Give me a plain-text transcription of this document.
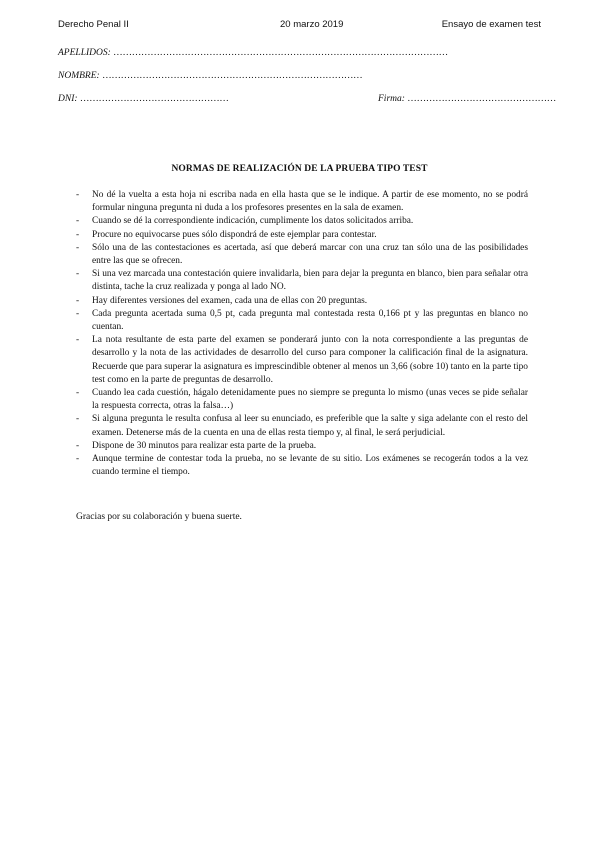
Derecho Penal II	20 marzo 2019	Ensayo de examen test
APELLIDOS: ………………………………………………………………………………………………
NOMBRE: …………………………………………………………………………
DNI: …………………………………………	Firma: …………………………………………
NORMAS DE REALIZACIÓN DE LA PRUEBA TIPO TEST
- No dé la vuelta a esta hoja ni escriba nada en ella hasta que se le indique. A partir de ese momento, no se podrá formular ninguna pregunta ni duda a los profesores presentes en la sala de examen.
- Cuando se dé la correspondiente indicación, cumplimente los datos solicitados arriba.
- Procure no equivocarse pues sólo dispondrá de este ejemplar para contestar.
- Sólo una de las contestaciones es acertada, así que deberá marcar con una cruz tan sólo una de las posibilidades entre las que se ofrecen.
- Si una vez marcada una contestación quiere invalidarla, bien para dejar la pregunta en blanco, bien para señalar otra distinta, tache la cruz realizada y ponga al lado NO.
- Hay diferentes versiones del examen, cada una de ellas con 20 preguntas.
- Cada pregunta acertada suma 0,5 pt, cada pregunta mal contestada resta 0,166 pt y las preguntas en blanco no cuentan.
- La nota resultante de esta parte del examen se ponderará junto con la nota correspondiente a las preguntas de desarrollo y la nota de las actividades de desarrollo del curso para componer la calificación final de la asignatura. Recuerde que para superar la asignatura es imprescindible obtener al menos un 3,66 (sobre 10) tanto en la parte tipo test como en la parte de preguntas de desarrollo.
- Cuando lea cada cuestión, hágalo detenidamente pues no siempre se pregunta lo mismo (unas veces se pide señalar la respuesta correcta, otras la falsa…)
- Si alguna pregunta le resulta confusa al leer su enunciado, es preferible que la salte y siga adelante con el resto del examen. Detenerse más de la cuenta en una de ellas resta tiempo y, al final, le será perjudicial.
- Dispone de 30 minutos para realizar esta parte de la prueba.
- Aunque termine de contestar toda la prueba, no se levante de su sitio. Los exámenes se recogerán todos a la vez cuando termine el tiempo.
Gracias por su colaboración y buena suerte.
